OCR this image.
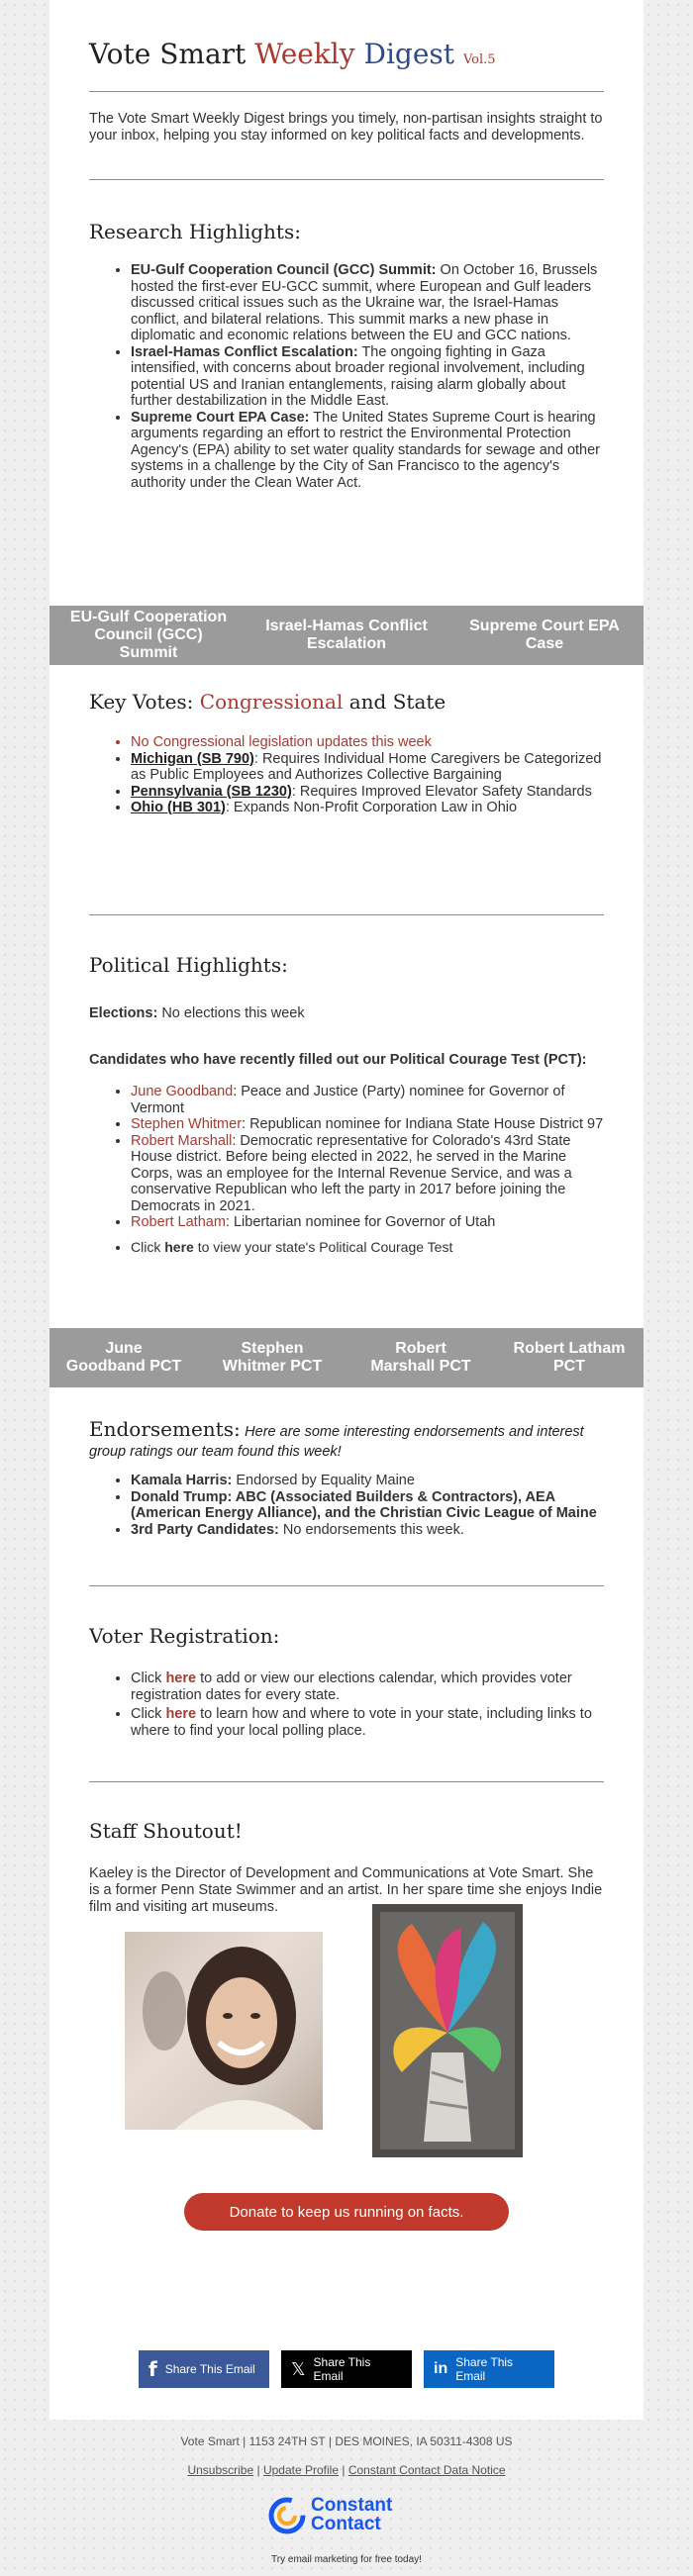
Vote Smart Weekly Digest Vol.5
The Vote Smart Weekly Digest brings you timely, non-partisan insights straight to your inbox, helping you stay informed on key political facts and developments.
Research Highlights:
• EU-Gulf Cooperation Council (GCC) Summit: On October 16, Brussels hosted the first-ever EU-GCC summit, where European and Gulf leaders discussed critical issues such as the Ukraine war, the Israel-Hamas conflict, and bilateral relations. This summit marks a new phase in diplomatic and economic relations between the EU and GCC nations.
• Israel-Hamas Conflict Escalation: The ongoing fighting in Gaza intensified, with concerns about broader regional involvement, including potential US and Iranian entanglements, raising alarm globally about further destabilization in the Middle East.
• Supreme Court EPA Case: The United States Supreme Court is hearing arguments regarding an effort to restrict the Environmental Protection Agency's (EPA) ability to set water quality standards for sewage and other systems in a challenge by the City of San Francisco to the agency's authority under the Clean Water Act.
EU-Gulf Cooperation Council (GCC) Summit
Israel-Hamas Conflict Escalation
Supreme Court EPA Case
Key Votes: Congressional and State
• No Congressional legislation updates this week
• Michigan (SB 790): Requires Individual Home Caregivers be Categorized as Public Employees and Authorizes Collective Bargaining
• Pennsylvania (SB 1230): Requires Improved Elevator Safety Standards
• Ohio (HB 301): Expands Non-Profit Corporation Law in Ohio
Political Highlights:
Elections: No elections this week
Candidates who have recently filled out our Political Courage Test (PCT):
• June Goodband: Peace and Justice (Party) nominee for Governor of Vermont
• Stephen Whitmer: Republican nominee for Indiana State House District 97
• Robert Marshall: Democratic representative for Colorado's 43rd State House district. Before being elected in 2022, he served in the Marine Corps, was an employee for the Internal Revenue Service, and was a conservative Republican who left the party in 2017 before joining the Democrats in 2021.
• Robert Latham: Libertarian nominee for Governor of Utah
• Click here to view your state's Political Courage Test
June Goodband PCT
Stephen Whitmer PCT
Robert Marshall PCT
Robert Latham PCT
Endorsements: Here are some interesting endorsements and interest group ratings our team found this week!
• Kamala Harris: Endorsed by Equality Maine
• Donald Trump: ABC (Associated Builders & Contractors), AEA (American Energy Alliance), and the Christian Civic League of Maine
• 3rd Party Candidates: No endorsements this week.
Voter Registration:
• Click here to add or view our elections calendar, which provides voter registration dates for every state.
• Click here to learn how and where to vote in your state, including links to where to find your local polling place.
Staff Shoutout!
Kaeley is the Director of Development and Communications at Vote Smart. She is a former Penn State Swimmer and an artist. In her spare time she enjoys Indie film and visiting art museums.
Donate to keep us running on facts.
f Share This Email 𝕏 Share This Email	in Share This Email
Vote Smart | 1153 24TH ST | DES MOINES, IA 50311-4308 US
Unsubscribe | Update Profile | Constant Contact Data Notice
Constant
Contact
Try email marketing for free today!
